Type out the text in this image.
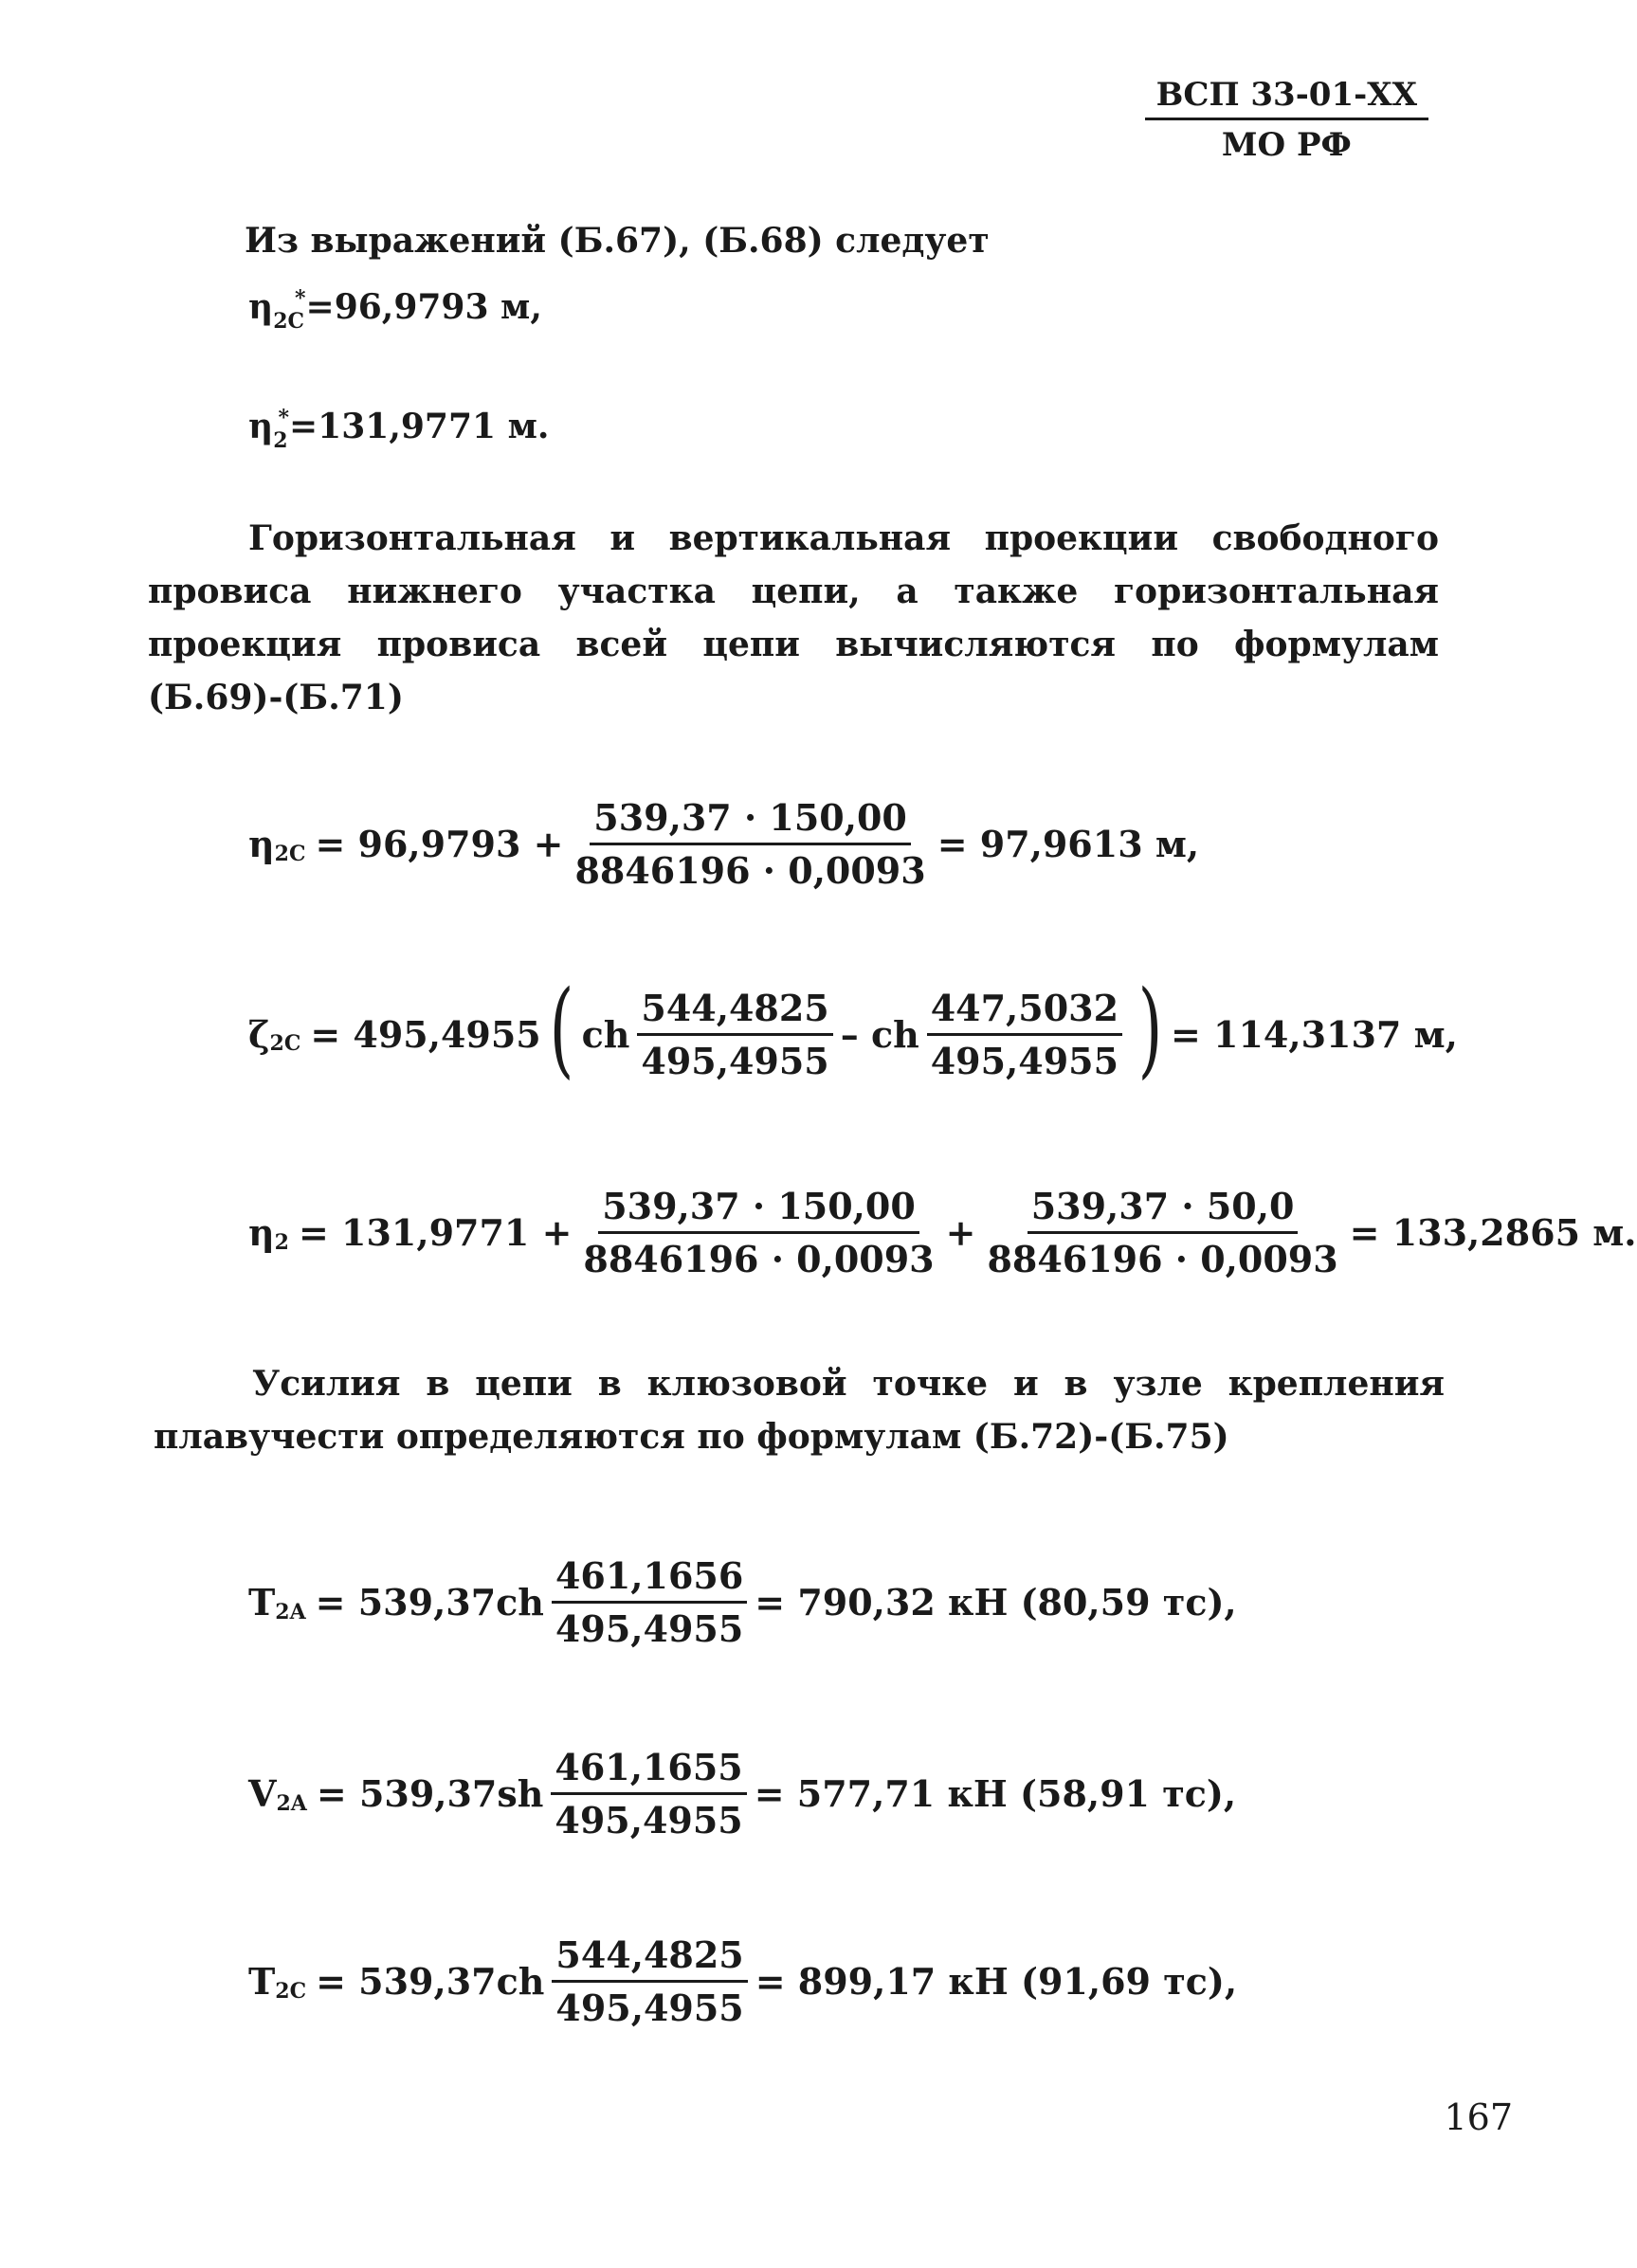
ВСП 33-01-XX
МО РФ
Из выражений (Б.67), (Б.68) следует
$\eta_{2С}^*=96,9793$ м,
$\eta_2^*=131,9771$ м.
Горизонтальная и вертикальная проекции свободного провиса нижнего участка цепи, а также горизонтальная проекция провиса всей цепи вычисляются по формулам (Б.69)-(Б.71)
η $2С = 96,9793 + \frac{539,37 \cdot 150,00}{8846196 \cdot 0,0093} = 97,9613$ м,
ζ 2С = 495,4955 ( ch $\frac{544,4825}{495,4955}$ – ch $\frac{447,5032}{495,4955}$ ) = 114,3137 м,
η $2 = 131,9771 + \frac{539,37 \cdot 150,00}{8846196 \cdot 0,0093} + \frac{539,37 \cdot 50,0}{8846196 \cdot 0,0093} = 133,2865$ м.
Усилия в цепи в клюзовой точке и в узле крепления плавучести определяются по формулам (Б.72)-(Б.75)
T $2A = 539,37ch \frac{461,1656}{495,4955} = 790,32$ кН (80,59 тс),
V $2A = 539,37sh \frac{461,1655}{495,4955} = 577,71$ кН (58,91 тс),
T $2С = 539,37ch \frac{544,4825}{495,4955} = 899,17$ кН (91,69 тс),
167
